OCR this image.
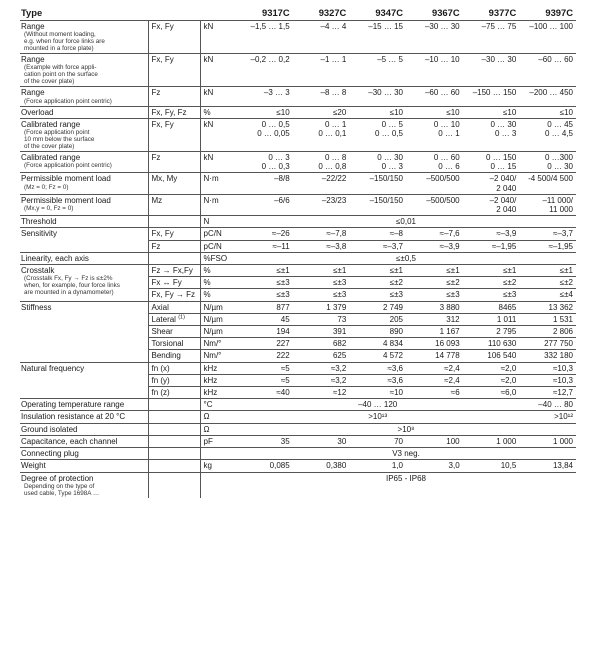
Type			9317C	9327C	9347C	9367C	9377C	9397C

Range
(Without moment loading,
e.g. when four force links are
mounted in a force plate)	Fx, Fy	kN	–1,5 … 1,5	–4 … 4	–15 … 15	–30 … 30	–75 … 75	–100 … 100

Range
(Example with force appli-
cation point on the surface
of the cover plate)	Fx, Fy	kN	–0,2 … 0,2	–1 … 1	–5 … 5	–10 … 10	–30 … 30	–60 … 60

Range
(Force application point centric)	Fz	kN	–3 … 3	–8 … 8	–30 … 30	–60 … 60	–150 … 150	–200 … 450

Overload	Fx, Fy, Fz	%	≤10	≤20	≤10	≤10	≤10	≤10

Calibrated range
(Force application point
10 mm below the surface
of the cover plate)	Fx, Fy	kN	0 … 0,5
0 … 0,05	0 … 1
0 … 0,1	0 … 5
0 … 0,5	0 … 10
0 … 1	0 … 30
0 … 3	0 … 45
0 … 4,5

Calibrated range
(Force application point centric)	Fz	kN	0 … 3
0 … 0,3	0 … 8
0 … 0,8	0 … 30
0 … 3	0 … 60
0 … 6	0 … 150
0 … 15	0 …300
0 … 30

Permissible moment load
(Mz = 0; Fz = 0)	Mx, My	N·m	–8/8	–22/22	–150/150	–500/500	–2 040/
2 040	-4 500/4 500

Permissible moment load
(Mx,y = 0, Fz = 0)	Mz	N·m	–6/6	–23/23	–150/150	–500/500	–2 040/
2 040	–11 000/
11 000

Threshold		N	≤0,01					

Sensitivity	Fx, Fy	pC/N	≈–26	≈–7,8	≈–8	≈–7,6	≈–3,9	≈–3,7
	Fz	pC/N	≈–11	≈–3,8	≈–3,7	≈–3,9	≈–1,95	≈–1,95

Linearity, each axis		%FSO	≤±0,5					

Crosstalk
(Crosstalk Fx, Fy → Fz is ≤±2%
when, for example, four force links
are mounted in a dynamometer)	Fz → Fx,Fy	%	≤±1	≤±1	≤±1	≤±1	≤±1	≤±1
	Fx ↔ Fy	%	≤±3	≤±3	≤±2	≤±2	≤±2	≤±2
	Fx, Fy → Fz	%	≤±3	≤±3	≤±3	≤±3	≤±3	≤±4

Stiffness	Axial	N/µm	877	1 379	2 749	3 880	8465	13 362
	Lateral $^{(1)}$	N/µm	45	73	205	312	1 011	1 531
	Shear	N/µm	194	391	890	1 167	2 795	2 806
	Torsional	Nm/°	227	682	4 834	16 093	110 630	277 750
	Bending	Nm/°	222	625	4 572	14 778	106 540	332 180

Natural frequency	fn (x)	kHz	≈5	≈3,2	≈3,6	≈2,4	≈2,0	≈10,3
	fn (y)	kHz	≈5	≈3,2	≈3,6	≈2,4	≈2,0	≈10,3
	fn (z)	kHz	≈40	≈12	≈10	≈6	≈6,0	≈12,7

Operating temperature range		°C	–40 … 120					–40 … 80

Insulation resistance at 20 °C		Ω	>10¹³					>10¹²

Ground isolated		Ω	>10⁸					

Capacitance, each channel		pF	35	30	70	100	1 000	1 000

Connecting plug			V3 neg.					

Weight		kg	0,085	0,380	1,0	3,0	10,5	13,84

Degree of protection
Depending on the type of
used cable, Type 1698A …			IP65 - IP68					
